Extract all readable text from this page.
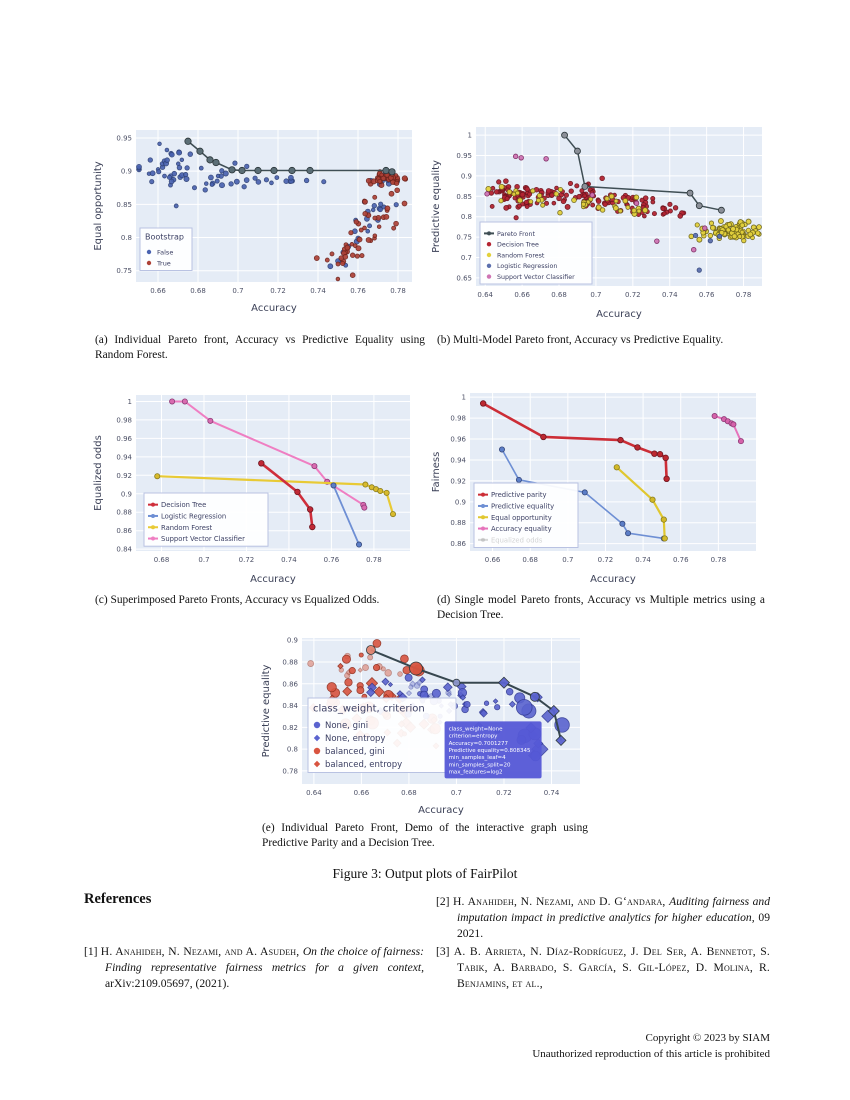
0.66	0.68	0.7	0.72	0.74	0.76	0.78
0.75
0.8
0.85
0.9
0.95
Accuracy
Equal opportunity	Bootstrap
False
True
0.64	0.66	0.68	0.7	0.72	0.74	0.76	0.78
0.65
0.7
0.75
0.8
0.85
0.9
0.95
1
Accuracy
Predictive equality	Pareto Front
Decision Tree
Random Forest
Logistic Regression
Support Vector Classifier
(a) Individual Pareto front, Accuracy vs Predictive Equality using Random Forest.
(b) Multi-Model Pareto front, Accuracy vs Predictive Equality.
0.68	0.7	0.72	0.74	0.76	0.78
0.84
0.86
0.88
0.9
0.92
0.94
0.96
0.98
1
Accuracy
Equalized odds	Decision Tree
Logistic Regression
Random Forest
Support Vector Classifier
0.66	0.68	0.7	0.72	0.74	0.76	0.78
0.86
0.88
0.9
0.92
0.94
0.96
0.98
1
Accuracy
Fairness
Predictive parity
Predictive equality
Equal opportunity
Accuracy equality
Equalized odds
(c) Superimposed Pareto Fronts, Accuracy vs Equalized Odds.	(d) Single model Pareto fronts, Accuracy vs Multiple metrics using a Decision Tree.
0.64	0.66	0.68	0.7	0.72	0.74
0.78
0.8
0.82
0.84
0.86
0.88
0.9
Accuracy
Predictive equality	class_weight, criterion
None, gini
None, entropy
balanced, gini
balanced, entropy
class_weight=None
criterion=entropy
Accuracy=0.7001277
Predictive equality=0.808345
min_samples_leaf=4
min_samples_split=20
max_features=log2
(e) Individual Pareto Front, Demo of the interactive graph using Predictive Parity and a Decision Tree.
Figure 3: Output plots of FairPilot
References
[1] H. Anahideh, N. Nezami, and A. Asudeh, On the choice of fairness: Finding representative fairness metrics for a given context, arXiv:2109.05697, (2021).
[2] H. Anahideh, N. Nezami, and D. G‘andara, Auditing fairness and imputation impact in predictive analytics for higher education, 09 2021.
[3] A. B. Arrieta, N. Díaz-Rodríguez, J. Del Ser, A. Bennetot, S. Tabik, A. Barbado, S. García, S. Gil-López, D. Molina, R. Benjamins, et al.,
Copyright © 2023 by SIAM
Unauthorized reproduction of this article is prohibited
